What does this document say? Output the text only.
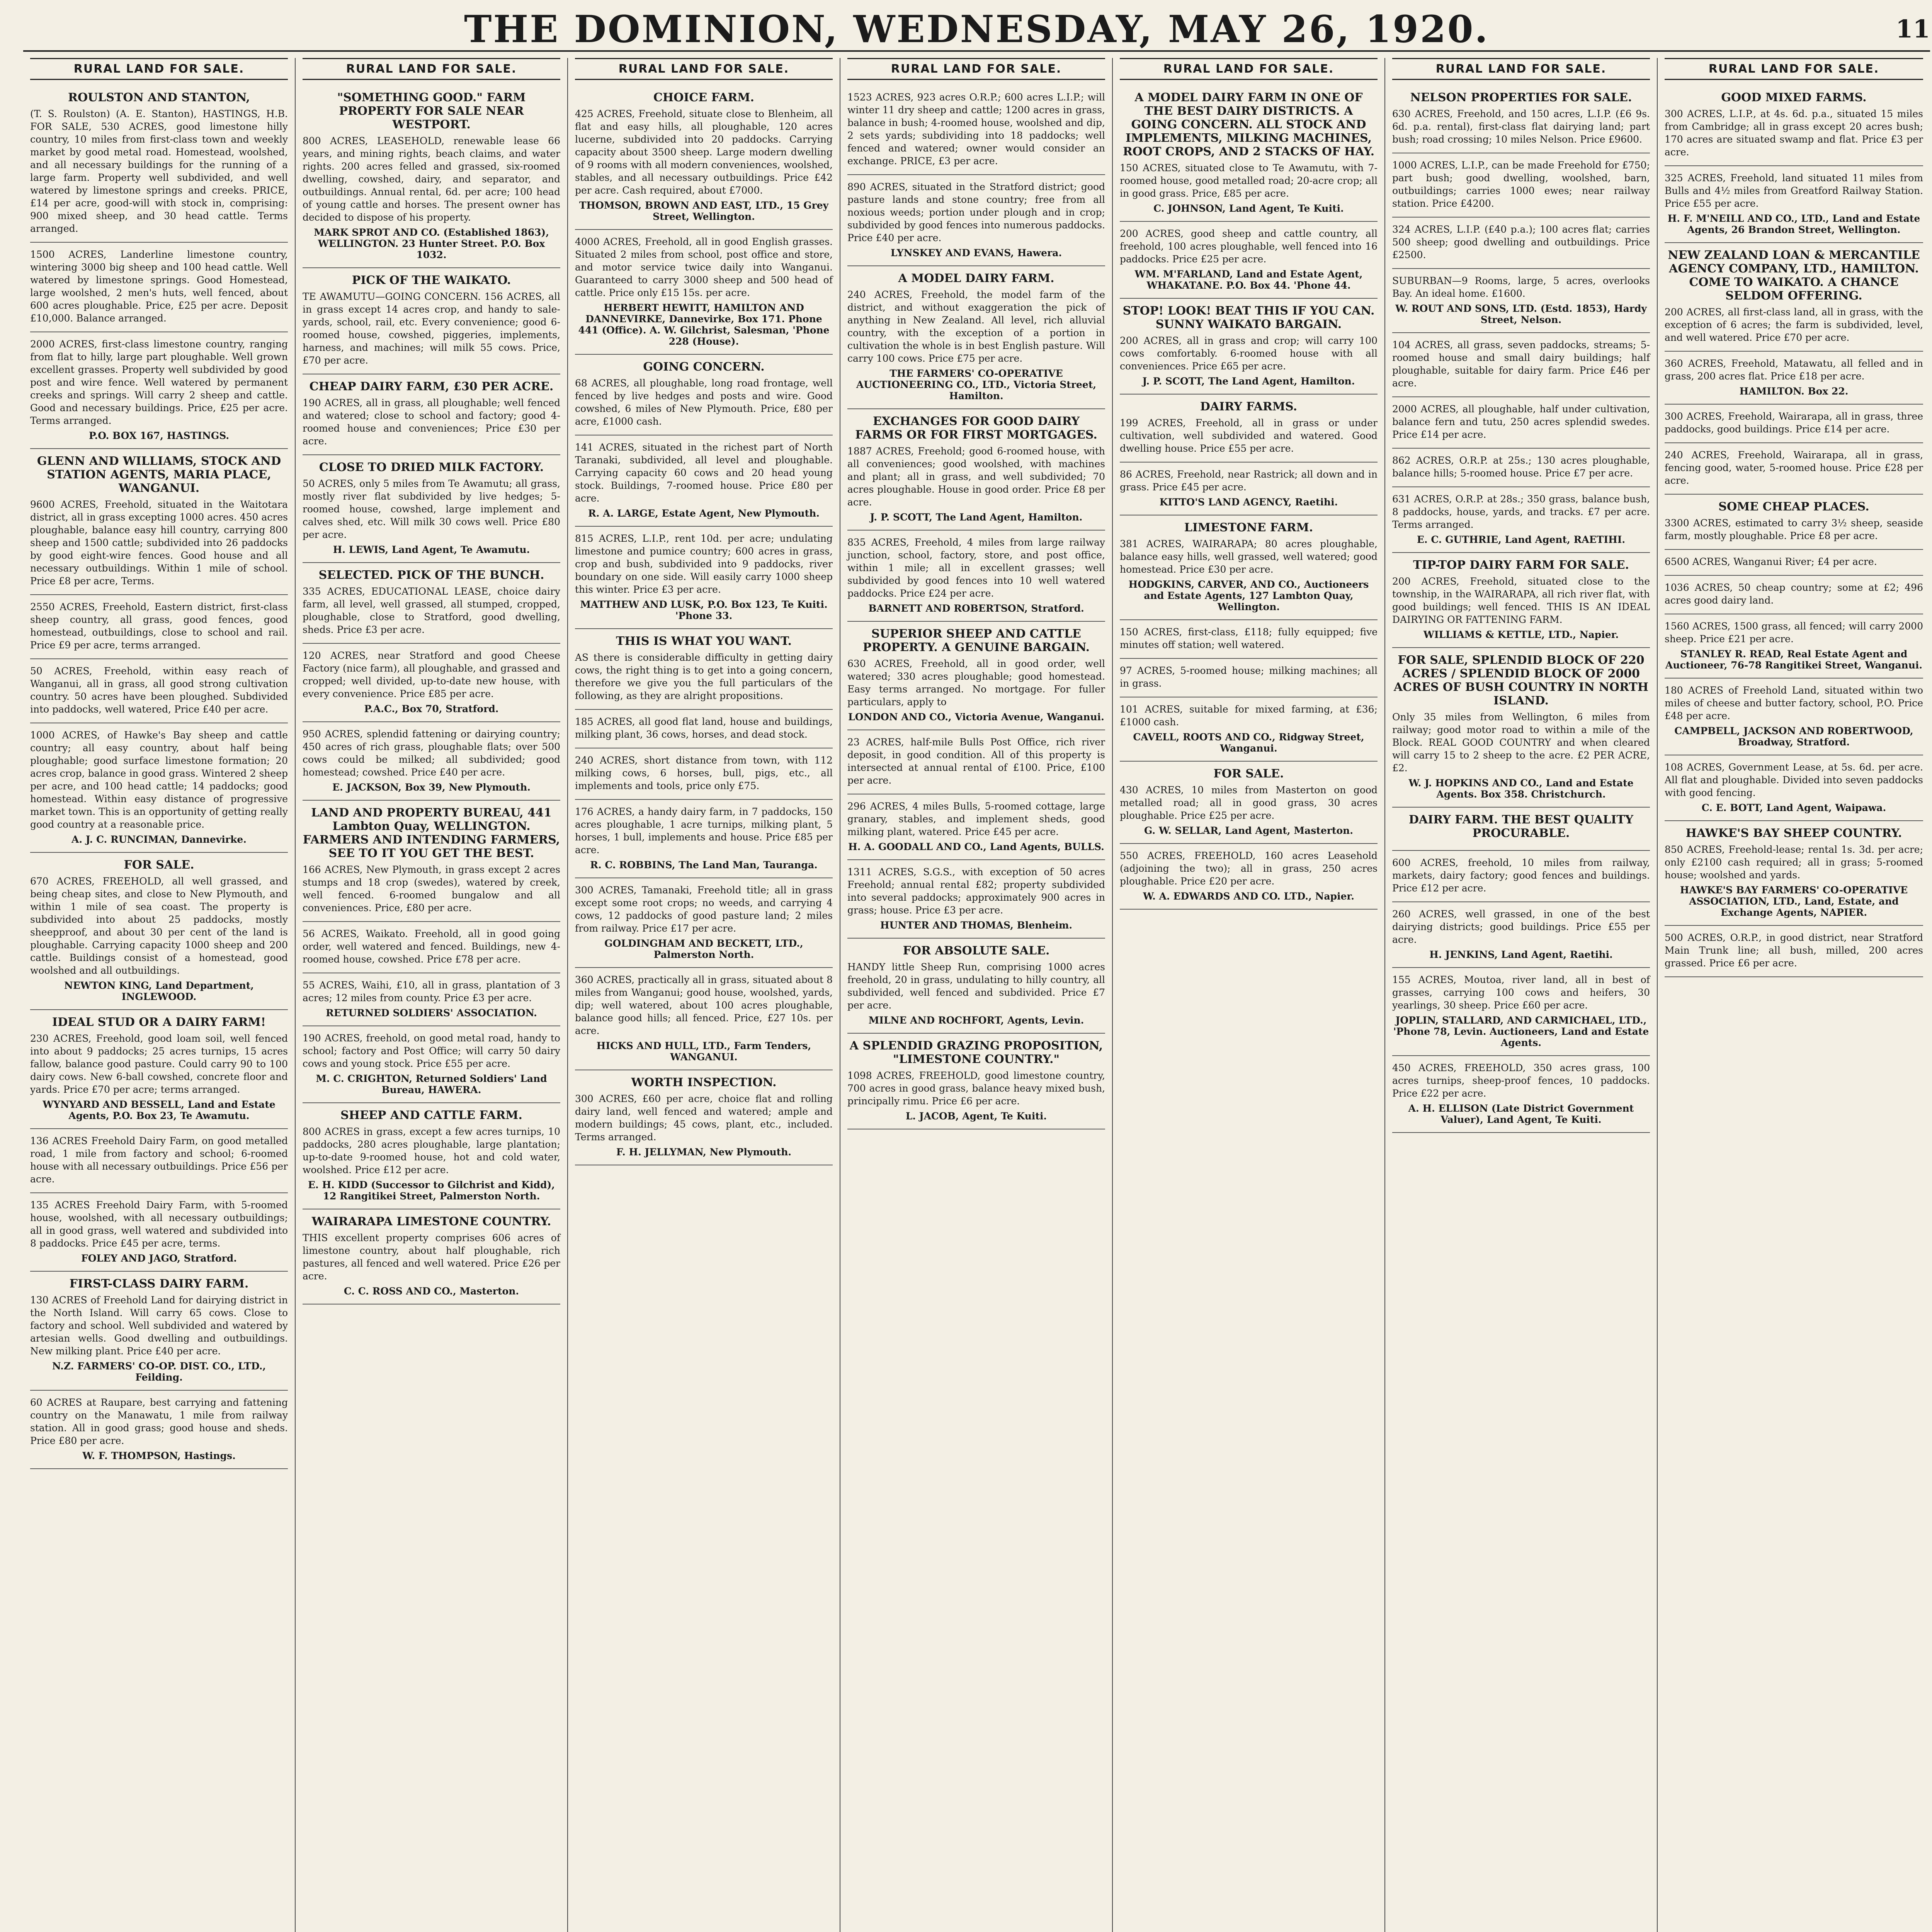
THE DOMINION, WEDNESDAY, MAY 26, 1920.	11
RURAL LAND FOR SALE.
ROULSTON AND STANTON,
(T. S. Roulston) (A. E. Stanton), HASTINGS, H.B. FOR SALE, 530 ACRES, good limestone hilly country, 10 miles from first-class town and weekly market by good metal road. Homestead, woolshed, and all necessary buildings for the running of a large farm. Property well subdivided, and well watered by limestone springs and creeks. PRICE, £14 per acre, good-will with stock in, comprising: 900 mixed sheep, and 30 head cattle. Terms arranged.
1500 ACRES, Landerline limestone country, wintering 3000 big sheep and 100 head cattle. Well watered by limestone springs. Good Homestead, large woolshed, 2 men's huts, well fenced, about 600 acres ploughable. Price, £25 per acre. Deposit £10,000. Balance arranged.
2000 ACRES, first-class limestone country, ranging from flat to hilly, large part ploughable. Well grown excellent grasses. Property well subdivided by good post and wire fence. Well watered by permanent creeks and springs. Will carry 2 sheep and cattle. Good and necessary buildings. Price, £25 per acre. Terms arranged.
P.O. BOX 167, HASTINGS.
GLENN AND WILLIAMS, STOCK AND STATION AGENTS, MARIA PLACE, WANGANUI.
9600 ACRES, Freehold, situated in the Waitotara district, all in grass excepting 1000 acres. 450 acres ploughable, balance easy hill country, carrying 800 sheep and 1500 cattle; subdivided into 26 paddocks by good eight-wire fences. Good house and all necessary outbuildings. Within 1 mile of school. Price £8 per acre, Terms.
2550 ACRES, Freehold, Eastern district, first-class sheep country, all grass, good fences, good homestead, outbuildings, close to school and rail. Price £9 per acre, terms arranged.
50 ACRES, Freehold, within easy reach of Wanganui, all in grass, all good strong cultivation country. 50 acres have been ploughed. Subdivided into paddocks, well watered, Price £40 per acre.
1000 ACRES, of Hawke's Bay sheep and cattle country; all easy country, about half being ploughable; good surface limestone formation; 20 acres crop, balance in good grass. Wintered 2 sheep per acre, and 100 head cattle; 14 paddocks; good homestead. Within easy distance of progressive market town. This is an opportunity of getting really good country at a reasonable price.
A. J. C. RUNCIMAN, Dannevirke.
FOR SALE.
670 ACRES, FREEHOLD, all well grassed, and being cheap sites, and close to New Plymouth, and within 1 mile of sea coast. The property is subdivided into about 25 paddocks, mostly sheepproof, and about 30 per cent of the land is ploughable. Carrying capacity 1000 sheep and 200 cattle. Buildings consist of a homestead, good woolshed and all outbuildings.
NEWTON KING, Land Department, INGLEWOOD.
IDEAL STUD OR A DAIRY FARM!
230 ACRES, Freehold, good loam soil, well fenced into about 9 paddocks; 25 acres turnips, 15 acres fallow, balance good pasture. Could carry 90 to 100 dairy cows. New 6-ball cowshed, concrete floor and yards. Price £70 per acre; terms arranged.
WYNYARD AND BESSELL, Land and Estate Agents, P.O. Box 23, Te Awamutu.
136 ACRES Freehold Dairy Farm, on good metalled road, 1 mile from factory and school; 6-roomed house with all necessary outbuildings. Price £56 per acre.
135 ACRES Freehold Dairy Farm, with 5-roomed house, woolshed, with all necessary outbuildings; all in good grass, well watered and subdivided into 8 paddocks. Price £45 per acre, terms.
FOLEY AND JAGO, Stratford.
FIRST-CLASS DAIRY FARM.
130 ACRES of Freehold Land for dairying district in the North Island. Will carry 65 cows. Close to factory and school. Well subdivided and watered by artesian wells. Good dwelling and outbuildings. New milking plant. Price £40 per acre.
N.Z. FARMERS' CO-OP. DIST. CO., LTD., Feilding.
60 ACRES at Raupare, best carrying and fattening country on the Manawatu, 1 mile from railway station. All in good grass; good house and sheds. Price £80 per acre.
W. F. THOMPSON, Hastings.
RURAL LAND FOR SALE.
"SOMETHING GOOD." FARM PROPERTY FOR SALE NEAR WESTPORT.
800 ACRES, LEASEHOLD, renewable lease 66 years, and mining rights, beach claims, and water rights. 200 acres felled and grassed, six-roomed dwelling, cowshed, dairy, and separator, and outbuildings. Annual rental, 6d. per acre; 100 head of young cattle and horses. The present owner has decided to dispose of his property.
MARK SPROT AND CO. (Established 1863), WELLINGTON. 23 Hunter Street. P.O. Box 1032.
PICK OF THE WAIKATO.
TE AWAMUTU—GOING CONCERN. 156 ACRES, all in grass except 14 acres crop, and handy to sale-yards, school, rail, etc. Every convenience; good 6-roomed house, cowshed, piggeries, implements, harness, and machines; will milk 55 cows. Price, £70 per acre.
CHEAP DAIRY FARM, £30 PER ACRE.
190 ACRES, all in grass, all ploughable; well fenced and watered; close to school and factory; good 4-roomed house and conveniences; Price £30 per acre.
CLOSE TO DRIED MILK FACTORY.
50 ACRES, only 5 miles from Te Awamutu; all grass, mostly river flat subdivided by live hedges; 5-roomed house, cowshed, large implement and calves shed, etc. Will milk 30 cows well. Price £80 per acre.
H. LEWIS, Land Agent, Te Awamutu.
SELECTED. PICK OF THE BUNCH.
335 ACRES, EDUCATIONAL LEASE, choice dairy farm, all level, well grassed, all stumped, cropped, ploughable, close to Stratford, good dwelling, sheds. Price £3 per acre.
120 ACRES, near Stratford and good Cheese Factory (nice farm), all ploughable, and grassed and cropped; well divided, up-to-date new house, with every convenience. Price £85 per acre.
P.A.C., Box 70, Stratford.
950 ACRES, splendid fattening or dairying country; 450 acres of rich grass, ploughable flats; over 500 cows could be milked; all subdivided; good homestead; cowshed. Price £40 per acre.
E. JACKSON, Box 39, New Plymouth.
LAND AND PROPERTY BUREAU, 441 Lambton Quay, WELLINGTON. FARMERS AND INTENDING FARMERS, SEE TO IT YOU GET THE BEST.
166 ACRES, New Plymouth, in grass except 2 acres stumps and 18 crop (swedes), watered by creek, well fenced. 6-roomed bungalow and all conveniences. Price, £80 per acre.
56 ACRES, Waikato. Freehold, all in good going order, well watered and fenced. Buildings, new 4-roomed house, cowshed. Price £78 per acre.
55 ACRES, Waihi, £10, all in grass, plantation of 3 acres; 12 miles from county. Price £3 per acre.
RETURNED SOLDIERS' ASSOCIATION.
190 ACRES, freehold, on good metal road, handy to school; factory and Post Office; will carry 50 dairy cows and young stock. Price £55 per acre.
M. C. CRIGHTON, Returned Soldiers' Land Bureau, HAWERA.
SHEEP AND CATTLE FARM.
800 ACRES in grass, except a few acres turnips, 10 paddocks, 280 acres ploughable, large plantation; up-to-date 9-roomed house, hot and cold water, woolshed. Price £12 per acre.
E. H. KIDD (Successor to Gilchrist and Kidd), 12 Rangitikei Street, Palmerston North.
WAIRARAPA LIMESTONE COUNTRY.
THIS excellent property comprises 606 acres of limestone country, about half ploughable, rich pastures, all fenced and well watered. Price £26 per acre.
C. C. ROSS AND CO., Masterton.
RURAL LAND FOR SALE.
CHOICE FARM.
425 ACRES, Freehold, situate close to Blenheim, all flat and easy hills, all ploughable, 120 acres lucerne, subdivided into 20 paddocks. Carrying capacity about 3500 sheep. Large modern dwelling of 9 rooms with all modern conveniences, woolshed, stables, and all necessary outbuildings. Price £42 per acre. Cash required, about £7000.
THOMSON, BROWN AND EAST, LTD., 15 Grey Street, Wellington.
4000 ACRES, Freehold, all in good English grasses. Situated 2 miles from school, post office and store, and motor service twice daily into Wanganui. Guaranteed to carry 3000 sheep and 500 head of cattle. Price only £15 15s. per acre.
HERBERT HEWITT, HAMILTON AND DANNEVIRKE, Dannevirke, Box 171. Phone 441 (Office). A. W. Gilchrist, Salesman, 'Phone 228 (House).
GOING CONCERN.
68 ACRES, all ploughable, long road frontage, well fenced by live hedges and posts and wire. Good cowshed, 6 miles of New Plymouth. Price, £80 per acre, £1000 cash.
141 ACRES, situated in the richest part of North Taranaki, subdivided, all level and ploughable. Carrying capacity 60 cows and 20 head young stock. Buildings, 7-roomed house. Price £80 per acre.
R. A. LARGE, Estate Agent, New Plymouth.
815 ACRES, L.I.P., rent 10d. per acre; undulating limestone and pumice country; 600 acres in grass, crop and bush, subdivided into 9 paddocks, river boundary on one side. Will easily carry 1000 sheep this winter. Price £3 per acre.
MATTHEW AND LUSK, P.O. Box 123, Te Kuiti. 'Phone 33.
THIS IS WHAT YOU WANT.
AS there is considerable difficulty in getting dairy cows, the right thing is to get into a going concern, therefore we give you the full particulars of the following, as they are alright propositions.
185 ACRES, all good flat land, house and buildings, milking plant, 36 cows, horses, and dead stock.
240 ACRES, short distance from town, with 112 milking cows, 6 horses, bull, pigs, etc., all implements and tools, price only £75.
176 ACRES, a handy dairy farm, in 7 paddocks, 150 acres ploughable, 1 acre turnips, milking plant, 5 horses, 1 bull, implements and house. Price £85 per acre.
R. C. ROBBINS, The Land Man, Tauranga.
300 ACRES, Tamanaki, Freehold title; all in grass except some root crops; no weeds, and carrying 4 cows, 12 paddocks of good pasture land; 2 miles from railway. Price £17 per acre.
GOLDINGHAM AND BECKETT, LTD., Palmerston North.
360 ACRES, practically all in grass, situated about 8 miles from Wanganui; good house, woolshed, yards, dip; well watered, about 100 acres ploughable, balance good hills; all fenced. Price, £27 10s. per acre.
HICKS AND HULL, LTD., Farm Tenders, WANGANUI.
WORTH INSPECTION.
300 ACRES, £60 per acre, choice flat and rolling dairy land, well fenced and watered; ample and modern buildings; 45 cows, plant, etc., included. Terms arranged.
F. H. JELLYMAN, New Plymouth.
RURAL LAND FOR SALE.
1523 ACRES, 923 acres O.R.P.; 600 acres L.I.P.; will winter 11 dry sheep and cattle; 1200 acres in grass, balance in bush; 4-roomed house, woolshed and dip, 2 sets yards; subdividing into 18 paddocks; well fenced and watered; owner would consider an exchange. PRICE, £3 per acre.
890 ACRES, situated in the Stratford district; good pasture lands and stone country; free from all noxious weeds; portion under plough and in crop; subdivided by good fences into numerous paddocks. Price £40 per acre.
LYNSKEY AND EVANS, Hawera.
A MODEL DAIRY FARM.
240 ACRES, Freehold, the model farm of the district, and without exaggeration the pick of anything in New Zealand. All level, rich alluvial country, with the exception of a portion in cultivation the whole is in best English pasture. Will carry 100 cows. Price £75 per acre.
THE FARMERS' CO-OPERATIVE AUCTIONEERING CO., LTD., Victoria Street, Hamilton.
EXCHANGES FOR GOOD DAIRY FARMS OR FOR FIRST MORTGAGES.
1887 ACRES, Freehold; good 6-roomed house, with all conveniences; good woolshed, with machines and plant; all in grass, and well subdivided; 70 acres ploughable. House in good order. Price £8 per acre.
J. P. SCOTT, The Land Agent, Hamilton.
835 ACRES, Freehold, 4 miles from large railway junction, school, factory, store, and post office, within 1 mile; all in excellent grasses; well subdivided by good fences into 10 well watered paddocks. Price £24 per acre.
BARNETT AND ROBERTSON, Stratford.
SUPERIOR SHEEP AND CATTLE PROPERTY. A GENUINE BARGAIN.
630 ACRES, Freehold, all in good order, well watered; 330 acres ploughable; good homestead. Easy terms arranged. No mortgage. For fuller particulars, apply to
LONDON AND CO., Victoria Avenue, Wanganui.
23 ACRES, half-mile Bulls Post Office, rich river deposit, in good condition. All of this property is intersected at annual rental of £100. Price, £100 per acre.
296 ACRES, 4 miles Bulls, 5-roomed cottage, large granary, stables, and implement sheds, good milking plant, watered. Price £45 per acre.
H. A. GOODALL AND CO., Land Agents, BULLS.
1311 ACRES, S.G.S., with exception of 50 acres Freehold; annual rental £82; property subdivided into several paddocks; approximately 900 acres in grass; house. Price £3 per acre.
HUNTER AND THOMAS, Blenheim.
FOR ABSOLUTE SALE.
HANDY little Sheep Run, comprising 1000 acres freehold, 20 in grass, undulating to hilly country, all subdivided, well fenced and subdivided. Price £7 per acre.
MILNE AND ROCHFORT, Agents, Levin.
A SPLENDID GRAZING PROPOSITION, "LIMESTONE COUNTRY."
1098 ACRES, FREEHOLD, good limestone country, 700 acres in good grass, balance heavy mixed bush, principally rimu. Price £6 per acre.
L. JACOB, Agent, Te Kuiti.
RURAL LAND FOR SALE.
A MODEL DAIRY FARM IN ONE OF THE BEST DAIRY DISTRICTS. A GOING CONCERN. ALL STOCK AND IMPLEMENTS, MILKING MACHINES, ROOT CROPS, AND 2 STACKS OF HAY.
150 ACRES, situated close to Te Awamutu, with 7-roomed house, good metalled road; 20-acre crop; all in good grass. Price, £85 per acre.
C. JOHNSON, Land Agent, Te Kuiti.
200 ACRES, good sheep and cattle country, all freehold, 100 acres ploughable, well fenced into 16 paddocks. Price £25 per acre.
WM. M'FARLAND, Land and Estate Agent, WHAKATANE. P.O. Box 44. 'Phone 44.
STOP! LOOK! BEAT THIS IF YOU CAN. SUNNY WAIKATO BARGAIN.
200 ACRES, all in grass and crop; will carry 100 cows comfortably. 6-roomed house with all conveniences. Price £65 per acre.
J. P. SCOTT, The Land Agent, Hamilton.
DAIRY FARMS.
199 ACRES, Freehold, all in grass or under cultivation, well subdivided and watered. Good dwelling house. Price £55 per acre.
86 ACRES, Freehold, near Rastrick; all down and in grass. Price £45 per acre.
KITTO'S LAND AGENCY, Raetihi.
LIMESTONE FARM.
381 ACRES, WAIRARAPA; 80 acres ploughable, balance easy hills, well grassed, well watered; good homestead. Price £30 per acre.
HODGKINS, CARVER, AND CO., Auctioneers and Estate Agents, 127 Lambton Quay, Wellington.
150 ACRES, first-class, £118; fully equipped; five minutes off station; well watered.
97 ACRES, 5-roomed house; milking machines; all in grass.
101 ACRES, suitable for mixed farming, at £36; £1000 cash.
CAVELL, ROOTS AND CO., Ridgway Street, Wanganui.
FOR SALE.
430 ACRES, 10 miles from Masterton on good metalled road; all in good grass, 30 acres ploughable. Price £25 per acre.
G. W. SELLAR, Land Agent, Masterton.
550 ACRES, FREEHOLD, 160 acres Leasehold (adjoining the two); all in grass, 250 acres ploughable. Price £20 per acre.
W. A. EDWARDS AND CO. LTD., Napier.
RURAL LAND FOR SALE.
NELSON PROPERTIES FOR SALE.
630 ACRES, Freehold, and 150 acres, L.I.P. (£6 9s. 6d. p.a. rental), first-class flat dairying land; part bush; road crossing; 10 miles Nelson. Price £9600.
1000 ACRES, L.I.P., can be made Freehold for £750; part bush; good dwelling, woolshed, barn, outbuildings; carries 1000 ewes; near railway station. Price £4200.
324 ACRES, L.I.P. (£40 p.a.); 100 acres flat; carries 500 sheep; good dwelling and outbuildings. Price £2500.
SUBURBAN—9 Rooms, large, 5 acres, overlooks Bay. An ideal home. £1600.
W. ROUT AND SONS, LTD. (Estd. 1853), Hardy Street, Nelson.
104 ACRES, all grass, seven paddocks, streams; 5-roomed house and small dairy buildings; half ploughable, suitable for dairy farm. Price £46 per acre.
2000 ACRES, all ploughable, half under cultivation, balance fern and tutu, 250 acres splendid swedes. Price £14 per acre.
862 ACRES, O.R.P. at 25s.; 130 acres ploughable, balance hills; 5-roomed house. Price £7 per acre.
631 ACRES, O.R.P. at 28s.; 350 grass, balance bush, 8 paddocks, house, yards, and tracks. £7 per acre. Terms arranged.
E. C. GUTHRIE, Land Agent, RAETIHI.
TIP-TOP DAIRY FARM FOR SALE.
200 ACRES, Freehold, situated close to the township, in the WAIRARAPA, all rich river flat, with good buildings; well fenced. THIS IS AN IDEAL DAIRYING OR FATTENING FARM.
WILLIAMS & KETTLE, LTD., Napier.
FOR SALE, SPLENDID BLOCK OF 220 ACRES / SPLENDID BLOCK OF 2000 ACRES OF BUSH COUNTRY IN NORTH ISLAND.
Only 35 miles from Wellington, 6 miles from railway; good motor road to within a mile of the Block. REAL GOOD COUNTRY and when cleared will carry 15 to 2 sheep to the acre. £2 PER ACRE, £2.
W. J. HOPKINS AND CO., Land and Estate Agents. Box 358. Christchurch.
DAIRY FARM. THE BEST QUALITY PROCURABLE.
600 ACRES, freehold, 10 miles from railway, markets, dairy factory; good fences and buildings. Price £12 per acre.
260 ACRES, well grassed, in one of the best dairying districts; good buildings. Price £55 per acre.
H. JENKINS, Land Agent, Raetihi.
155 ACRES, Moutoa, river land, all in best of grasses, carrying 100 cows and heifers, 30 yearlings, 30 sheep. Price £60 per acre.
JOPLIN, STALLARD, AND CARMICHAEL, LTD., 'Phone 78, Levin. Auctioneers, Land and Estate Agents.
450 ACRES, FREEHOLD, 350 acres grass, 100 acres turnips, sheep-proof fences, 10 paddocks. Price £22 per acre.
A. H. ELLISON (Late District Government Valuer), Land Agent, Te Kuiti.
RURAL LAND FOR SALE.
GOOD MIXED FARMS.
300 ACRES, L.I.P., at 4s. 6d. p.a., situated 15 miles from Cambridge; all in grass except 20 acres bush; 170 acres are situated swamp and flat. Price £3 per acre.
325 ACRES, Freehold, land situated 11 miles from Bulls and 4½ miles from Greatford Railway Station. Price £55 per acre.
H. F. M'NEILL AND CO., LTD., Land and Estate Agents, 26 Brandon Street, Wellington.
NEW ZEALAND LOAN & MERCANTILE AGENCY COMPANY, LTD., HAMILTON. COME TO WAIKATO. A CHANCE SELDOM OFFERING.
200 ACRES, all first-class land, all in grass, with the exception of 6 acres; the farm is subdivided, level, and well watered. Price £70 per acre.
360 ACRES, Freehold, Matawatu, all felled and in grass, 200 acres flat. Price £18 per acre.
HAMILTON. Box 22.
300 ACRES, Freehold, Wairarapa, all in grass, three paddocks, good buildings. Price £14 per acre.
240 ACRES, Freehold, Wairarapa, all in grass, fencing good, water, 5-roomed house. Price £28 per acre.
SOME CHEAP PLACES.
3300 ACRES, estimated to carry 3½ sheep, seaside farm, mostly ploughable. Price £8 per acre.
6500 ACRES, Wanganui River; £4 per acre.
1036 ACRES, 50 cheap country; some at £2; 496 acres good dairy land.
1560 ACRES, 1500 grass, all fenced; will carry 2000 sheep. Price £21 per acre.
STANLEY R. READ, Real Estate Agent and Auctioneer, 76-78 Rangitikei Street, Wanganui.
180 ACRES of Freehold Land, situated within two miles of cheese and butter factory, school, P.O. Price £48 per acre.
CAMPBELL, JACKSON AND ROBERTWOOD, Broadway, Stratford.
108 ACRES, Government Lease, at 5s. 6d. per acre. All flat and ploughable. Divided into seven paddocks with good fencing.
C. E. BOTT, Land Agent, Waipawa.
HAWKE'S BAY SHEEP COUNTRY.
850 ACRES, Freehold-lease; rental 1s. 3d. per acre; only £2100 cash required; all in grass; 5-roomed house; woolshed and yards.
HAWKE'S BAY FARMERS' CO-OPERATIVE ASSOCIATION, LTD., Land, Estate, and Exchange Agents, NAPIER.
500 ACRES, O.R.P., in good district, near Stratford Main Trunk line; all bush, milled, 200 acres grassed. Price £6 per acre.
